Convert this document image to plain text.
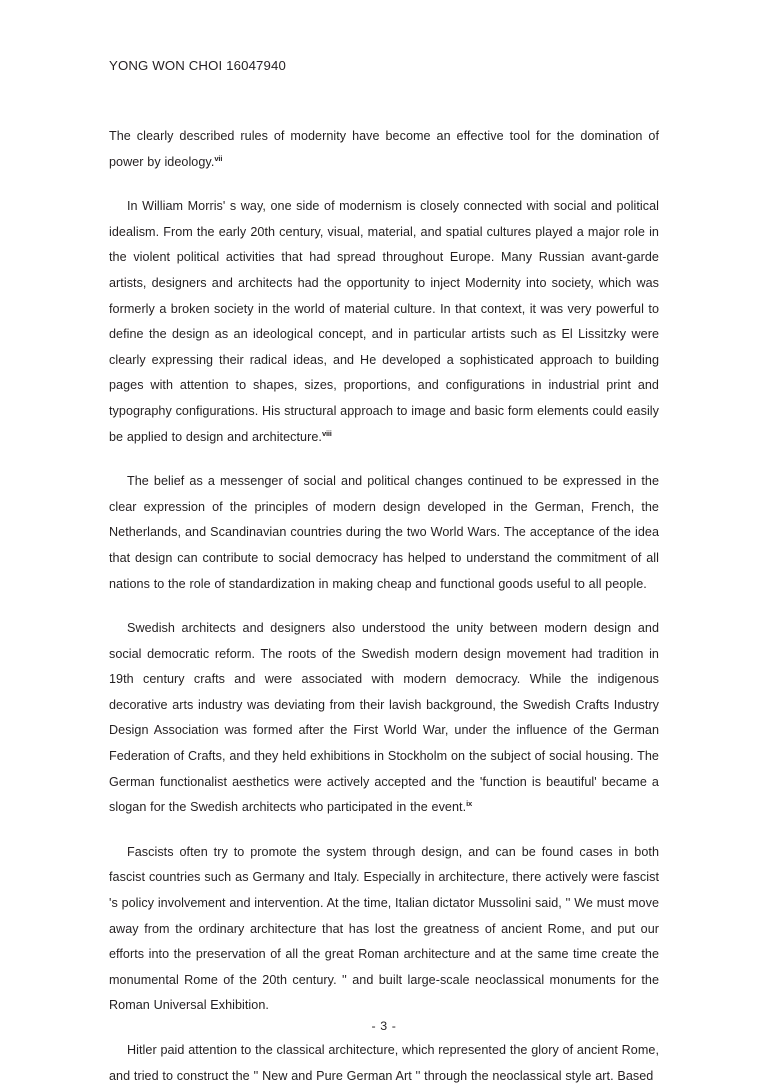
YONG WON CHOI 16047940

The clearly described rules of modernity have become an effective tool for the domination of power by ideology.$^{vii}$

In William Morris' s way, one side of modernism is closely connected with social and political idealism. From the early 20th century, visual, material, and spatial cultures played a major role in the violent political activities that had spread throughout Europe. Many Russian avant-garde artists, designers and architects had the opportunity to inject Modernity into society, which was formerly a broken society in the world of material culture. In that context, it was very powerful to define the design as an ideological concept, and in particular artists such as El Lissitzky were clearly expressing their radical ideas, and He developed a sophisticated approach to building pages with attention to shapes, sizes, proportions, and configurations in industrial print and typography configurations. His structural approach to image and basic form elements could easily be applied to design and architecture.$^{viii}$

The belief as a messenger of social and political changes continued to be expressed in the clear expression of the principles of modern design developed in the German, French, the Netherlands, and Scandinavian countries during the two World Wars. The acceptance of the idea that design can contribute to social democracy has helped to understand the commitment of all nations to the role of standardization in making cheap and functional goods useful to all people.

Swedish architects and designers also understood the unity between modern design and social democratic reform. The roots of the Swedish modern design movement had tradition in 19th century crafts and were associated with modern democracy. While the indigenous decorative arts industry was deviating from their lavish background, the Swedish Crafts Industry Design Association was formed after the First World War, under the influence of the German Federation of Crafts, and they held exhibitions in Stockholm on the subject of social housing. The German functionalist aesthetics were actively accepted and the 'function is beautiful' became a slogan for the Swedish architects who participated in the event.$^{ix}$

Fascists often try to promote the system through design, and can be found cases in both fascist countries such as Germany and Italy. Especially in architecture, there actively were fascist 's policy involvement and intervention. At the time, Italian dictator Mussolini said, '' We must move away from the ordinary architecture that has lost the greatness of ancient Rome, and put our efforts into the preservation of all the great Roman architecture and at the same time create the monumental Rome of the 20th century. '' and built large-scale neoclassical monuments for the Roman Universal Exhibition.

Hitler paid attention to the classical architecture, which represented the glory of ancient Rome, and tried to construct the '' New and Pure German Art '' through the neoclassical style art. Based

- 3 -
